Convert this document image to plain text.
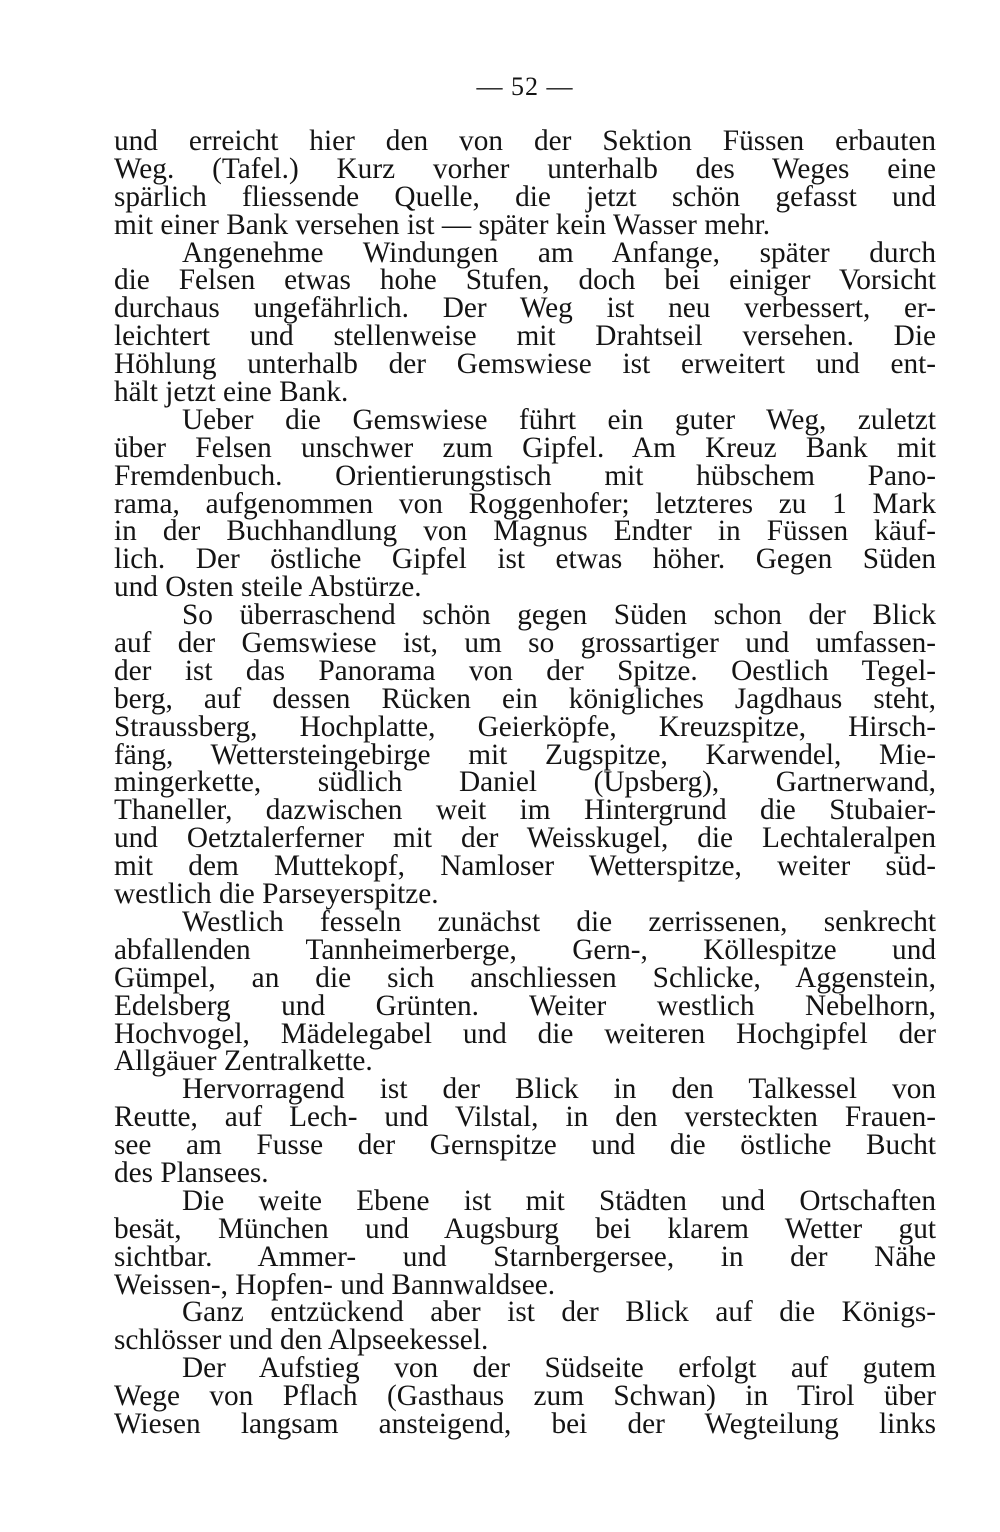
— 52 —
und erreicht hier den von der Sektion Füssen erbauten
Weg. (Tafel.) Kurz vorher unterhalb des Weges eine
spärlich fliessende Quelle, die jetzt schön gefasst und
mit einer Bank versehen ist — später kein Wasser mehr.
Angenehme Windungen am Anfange, später durch
die Felsen etwas hohe Stufen, doch bei einiger Vorsicht
durchaus ungefährlich. Der Weg ist neu verbessert, er-
leichtert und stellenweise mit Drahtseil versehen. Die
Höhlung unterhalb der Gemswiese ist erweitert und ent-
hält jetzt eine Bank.
Ueber die Gemswiese führt ein guter Weg, zuletzt
über Felsen unschwer zum Gipfel. Am Kreuz Bank mit
Fremdenbuch. Orientierungstisch mit hübschem Pano-
rama, aufgenommen von Roggenhofer; letzteres zu 1 Mark
in der Buchhandlung von Magnus Endter in Füssen käuf-
lich. Der östliche Gipfel ist etwas höher. Gegen Süden
und Osten steile Abstürze.
So überraschend schön gegen Süden schon der Blick
auf der Gemswiese ist, um so grossartiger und umfassen-
der ist das Panorama von der Spitze. Oestlich Tegel-
berg, auf dessen Rücken ein königliches Jagdhaus steht,
Straussberg, Hochplatte, Geierköpfe, Kreuzspitze, Hirsch-
fäng, Wettersteingebirge mit Zugspitze, Karwendel, Mie-
mingerkette, südlich Daniel (Upsberg), Gartnerwand,
Thaneller, dazwischen weit im Hintergrund die Stubaier-
und Oetztalerferner mit der Weisskugel, die Lechtaleralpen
mit dem Muttekopf, Namloser Wetterspitze, weiter süd-
westlich die Parseyerspitze.
Westlich fesseln zunächst die zerrissenen, senkrecht
abfallenden Tannheimerberge, Gern-, Köllespitze und
Gümpel, an die sich anschliessen Schlicke, Aggenstein,
Edelsberg und Grünten. Weiter westlich Nebelhorn,
Hochvogel, Mädelegabel und die weiteren Hochgipfel der
Allgäuer Zentralkette.
Hervorragend ist der Blick in den Talkessel von
Reutte, auf Lech- und Vilstal, in den versteckten Frauen-
see am Fusse der Gernspitze und die östliche Bucht
des Plansees.
Die weite Ebene ist mit Städten und Ortschaften
besät, München und Augsburg bei klarem Wetter gut
sichtbar. Ammer- und Starnbergersee, in der Nähe
Weissen-, Hopfen- und Bannwaldsee.
Ganz entzückend aber ist der Blick auf die Königs-
schlösser und den Alpseekessel.
Der Aufstieg von der Südseite erfolgt auf gutem
Wege von Pflach (Gasthaus zum Schwan) in Tirol über
Wiesen langsam ansteigend, bei der Wegteilung links
